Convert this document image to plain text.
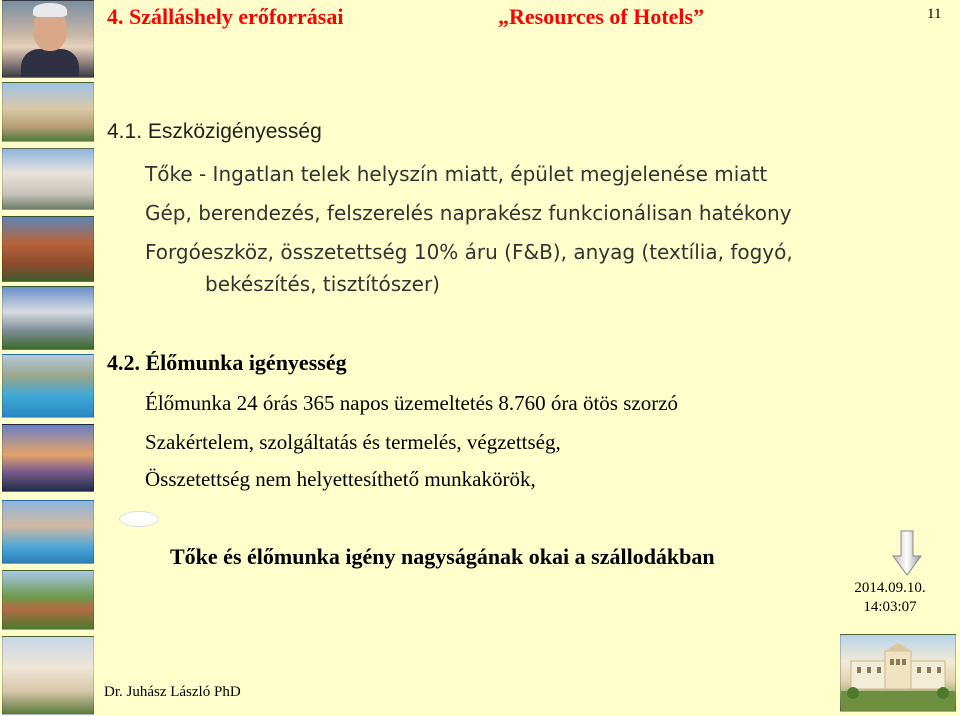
4. Szálláshely erőforrásai	„Resources of Hotels”	11
4.1. Eszközigényesség
Tőke - Ingatlan telek helyszín miatt, épület megjelenése miatt
Gép, berendezés, felszerelés naprakész funkcionálisan hatékony
Forgóeszköz, összetettség 10% áru (F&B), anyag (textília, fogyó,
bekészítés, tisztítószer)
4.2. Élőmunka igényesség
Élőmunka 24 órás 365 napos üzemeltetés 8.760 óra ötös szorzó
Szakértelem, szolgáltatás és termelés, végzettség,
Összetettség nem helyettesíthető munkakörök,
Tőke és élőmunka igény nagyságának okai a szállodákban
2014.09.10.
14:03:07
Dr. Juhász László PhD
